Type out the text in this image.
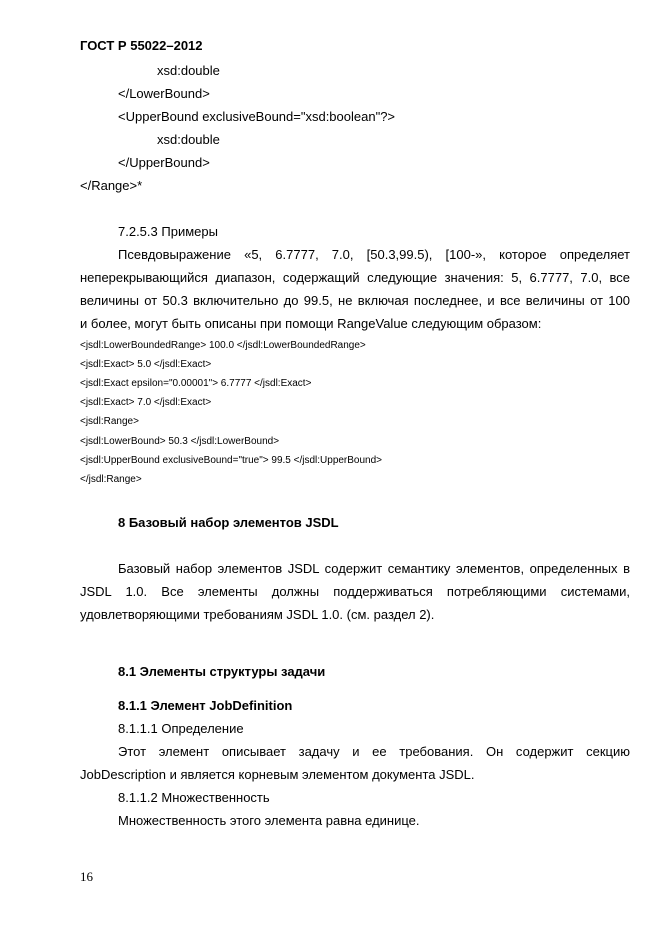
ГОСТ Р 55022–2012
xsd:double
</LowerBound>
<UpperBound exclusiveBound="xsd:boolean"?>
xsd:double
</UpperBound>
</Range>*
7.2.5.3 Примеры
Псевдовыражение «5, 6.7777, 7.0, [50.3,99.5), [100-», которое определяет
неперекрывающийся диапазон, содержащий следующие значения: 5, 6.7777, 7.0, все
величины от 50.3 включительно до 99.5, не включая последнее, и все величины от 100
и более, могут быть описаны при помощи RangeValue следующим образом:
<jsdl:LowerBoundedRange> 100.0 </jsdl:LowerBoundedRange>
<jsdl:Exact> 5.0 </jsdl:Exact>
<jsdl:Exact epsilon="0.00001"> 6.7777 </jsdl:Exact>
<jsdl:Exact> 7.0 </jsdl:Exact>
<jsdl:Range>
<jsdl:LowerBound> 50.3 </jsdl:LowerBound>
<jsdl:UpperBound exclusiveBound="true"> 99.5 </jsdl:UpperBound>
</jsdl:Range>
8 Базовый набор элементов JSDL
Базовый набор элементов JSDL содержит семантику элементов, определенных в
JSDL 1.0. Все элементы должны поддерживаться потребляющими системами,
удовлетворяющими требованиям JSDL 1.0. (см. раздел 2).
8.1 Элементы структуры задачи
8.1.1 Элемент JobDefinition
8.1.1.1 Определение
Этот элемент описывает задачу и ее требования. Он содержит секцию
JobDescription и является корневым элементом документа JSDL.
8.1.1.2 Множественность
Множественность этого элемента равна единице.
16
